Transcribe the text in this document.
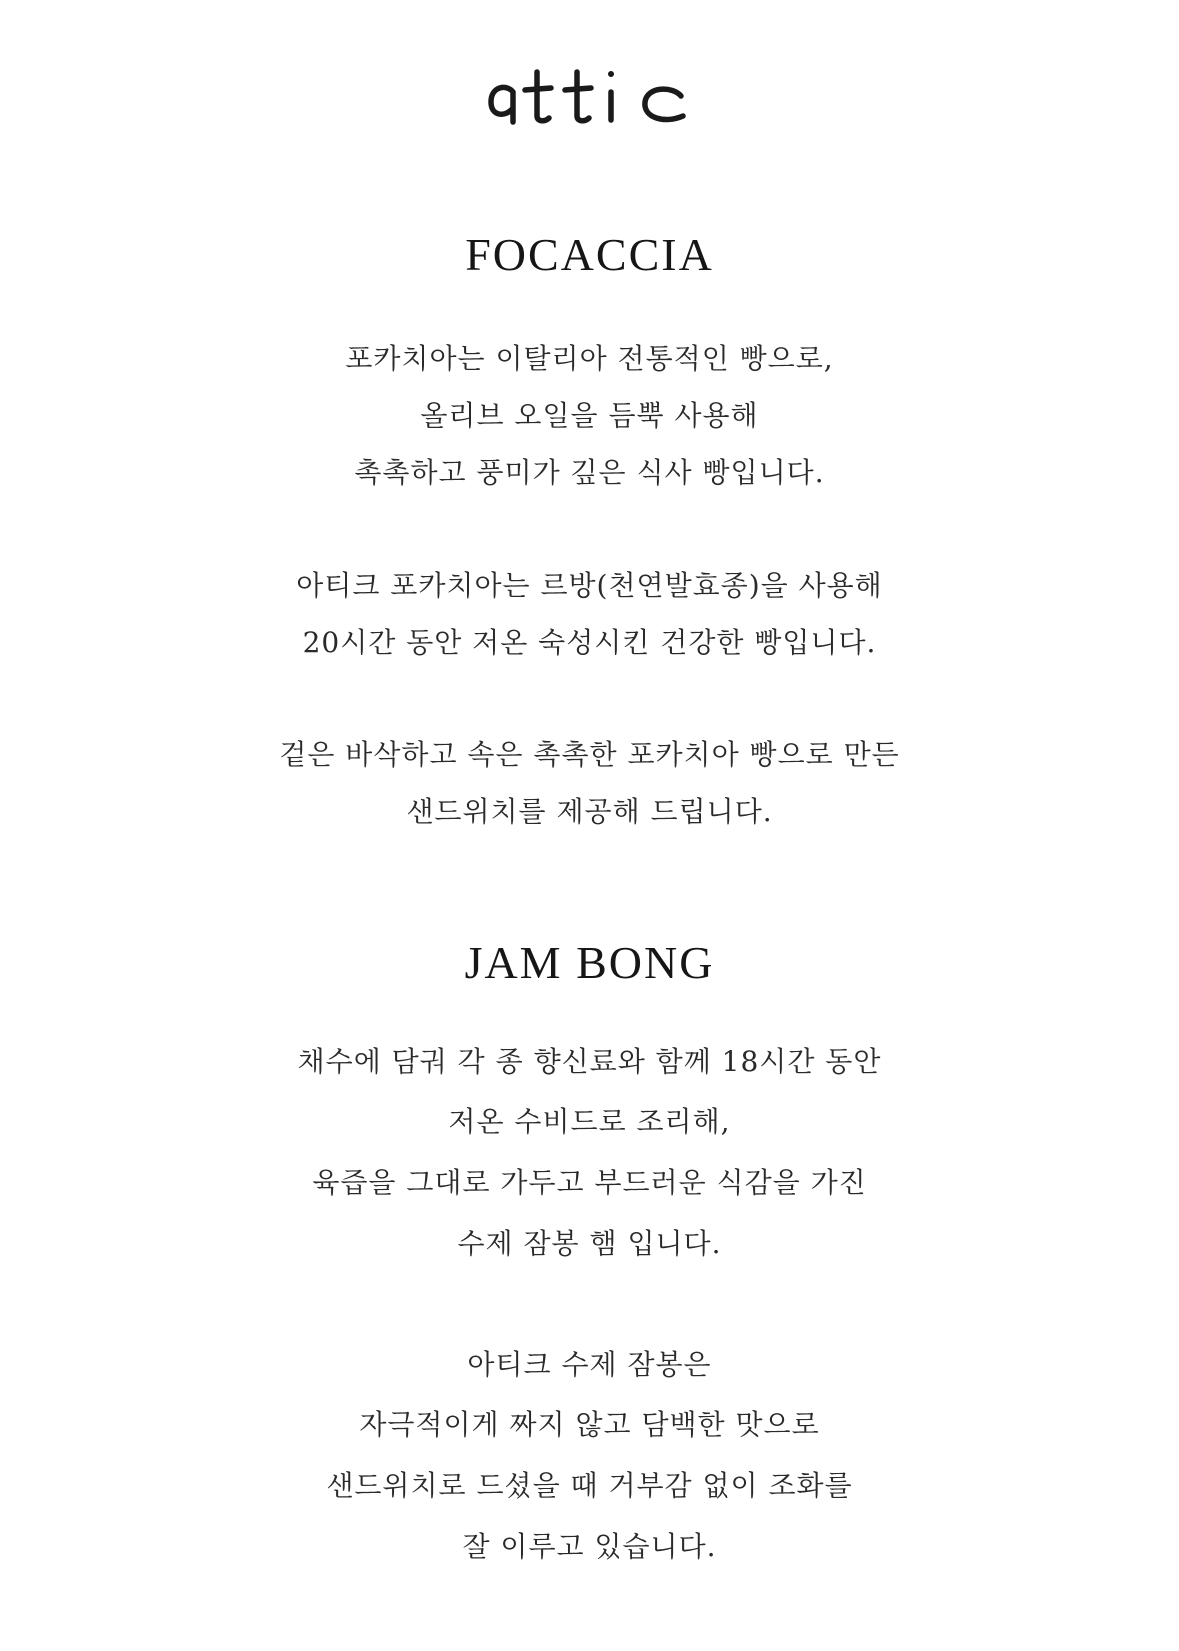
FOCACCIA
포카치아는 이탈리아 전통적인 빵으로,
올리브 오일을 듬뿍 사용해
촉촉하고 풍미가 깊은 식사 빵입니다.
아티크 포카치아는 르방(천연발효종)을 사용해
20시간 동안 저온 숙성시킨 건강한 빵입니다.
겉은 바삭하고 속은 촉촉한 포카치아 빵으로 만든
샌드위치를 제공해 드립니다.
JAM BONG
채수에 담궈 각 종 향신료와 함께 18시간 동안
저온 수비드로 조리해,
육즙을 그대로 가두고 부드러운 식감을 가진
수제 잠봉 햄 입니다.
아티크 수제 잠봉은
자극적이게 짜지 않고 담백한 맛으로
샌드위치로 드셨을 때 거부감 없이 조화를
잘 이루고 있습니다.
